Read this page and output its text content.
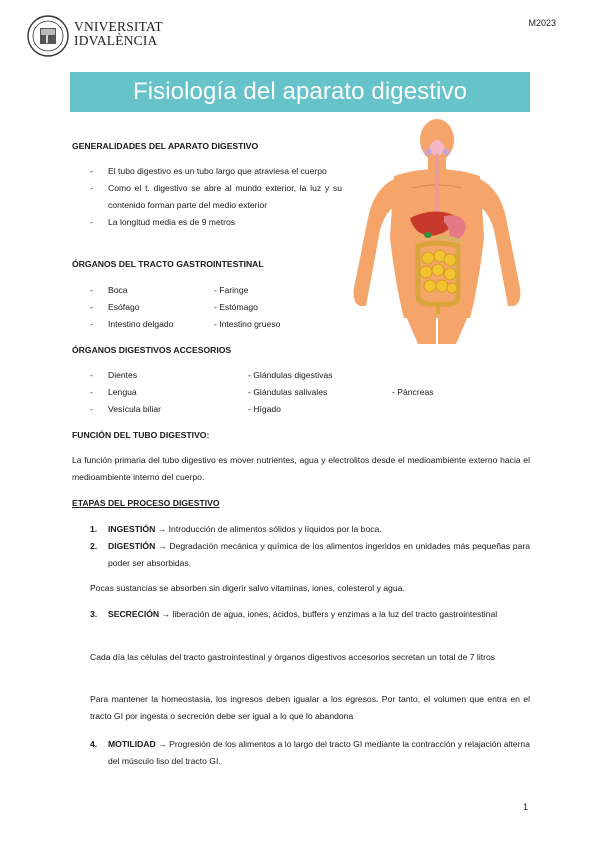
VNIVERSITAT
IDVALÈNCIA
M2023
Fisiología del aparato digestivo
GENERALIDADES DEL APARATO DIGESTIVO
- El tubo digestivo es un tubo largo que atraviesa el cuerpo
- Como el t. digestivo se abre al mundo exterior, la luz y su contenido forman parte del medio exterior
- La longitud media es de 9 metros
ÓRGANOS DEL TRACTO GASTROINTESTINAL
- Boca	- Faringe
- Esófago	- Estómago
- Intestino delgado	- Intestino grueso
ÓRGANOS DIGESTIVOS ACCESORIOS
- Dientes	- Glándulas digestivas
- Lengua	- Glándulas salivales	- Páncreas
- Vesícula biliar	- Hígado
FUNCIÓN DEL TUBO DIGESTIVO:
La función primaria del tubo digestivo es mover nutrientes, agua y electrolitos desde el medioambiente externo hacia el medioambiente interno del cuerpo.
ETAPAS DEL PROCESO DIGESTIVO
1.	INGESTIÓN → Introducción de alimentos sólidos y líquidos por la boca.
2.	DIGESTIÓN → Degradación mecánica y química de los alimentos ingeridos en unidades más pequeñas para poder ser absorbidas.
Pocas sustancias se absorben sin digerir salvo vitaminas, iones, colesterol y agua.
3.	SECRECIÓN → liberación de agua, iones, ácidos, buffers y enzimas a la luz del tracto gastrointestinal
Cada día las células del tracto gastrointestinal y órganos digestivos accesorios secretan un total de 7 litros
Para mantener la homeostasia, los ingresos deben igualar a los egresos. Por tanto, el volumen que entra en el tracto GI por ingesta o secreción debe ser igual a lo que lo abandona
4.	MOTILIDAD → Progresión de los alimentos a lo largo del tracto GI mediante la contracción y relajación alterna del músculo liso del tracto GI.
1
